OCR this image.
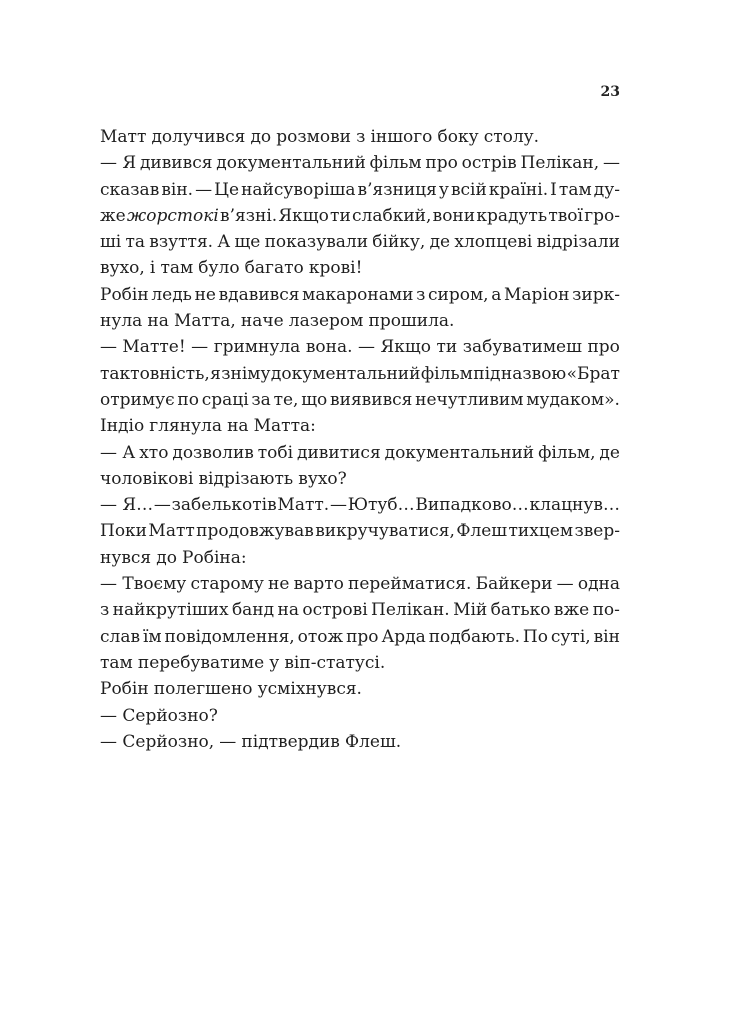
23
Матт долучився до розмови з іншого боку столу.
— Я дивився документальний фільм про острів Пелікан, —
сказав він. — Це найсуворіша в’язниця у всій країні. І там ду-
же жорстокі в’язні. Якщо ти слабкий, вони крадуть твої гро-
ші та взуття. А ще показували бійку, де хлопцеві відрізали
вухо, і там було багато крові!
Робін ледь не вдавився макаронами з сиром, а Маріон зирк-
нула на Матта, наче лазером прошила.
— Матте! — гримнула вона. — Якщо ти забуватимеш про
тактовність, я зніму документальний фільм під назвою «Брат
отримує по сраці за те, що виявився нечутливим мудаком».
Індіо глянула на Матта:
— А хто дозволив тобі дивитися документальний фільм, де
чоловікові відрізають вухо?
— Я… — забелькотів Матт. — Ютуб… Випадково… клацнув…
Поки Матт продовжував викручуватися, Флеш тихцем звер-
нувся до Робіна:
— Твоєму старому не варто перейматися. Байкери — одна
з найкрутіших банд на острові Пелікан. Мій батько вже по-
слав їм повідомлення, отож про Арда подбають. По суті, він
там перебуватиме у віп-статусі.
Робін полегшено усміхнувся.
— Серйозно?
— Серйозно, — підтвердив Флеш.
